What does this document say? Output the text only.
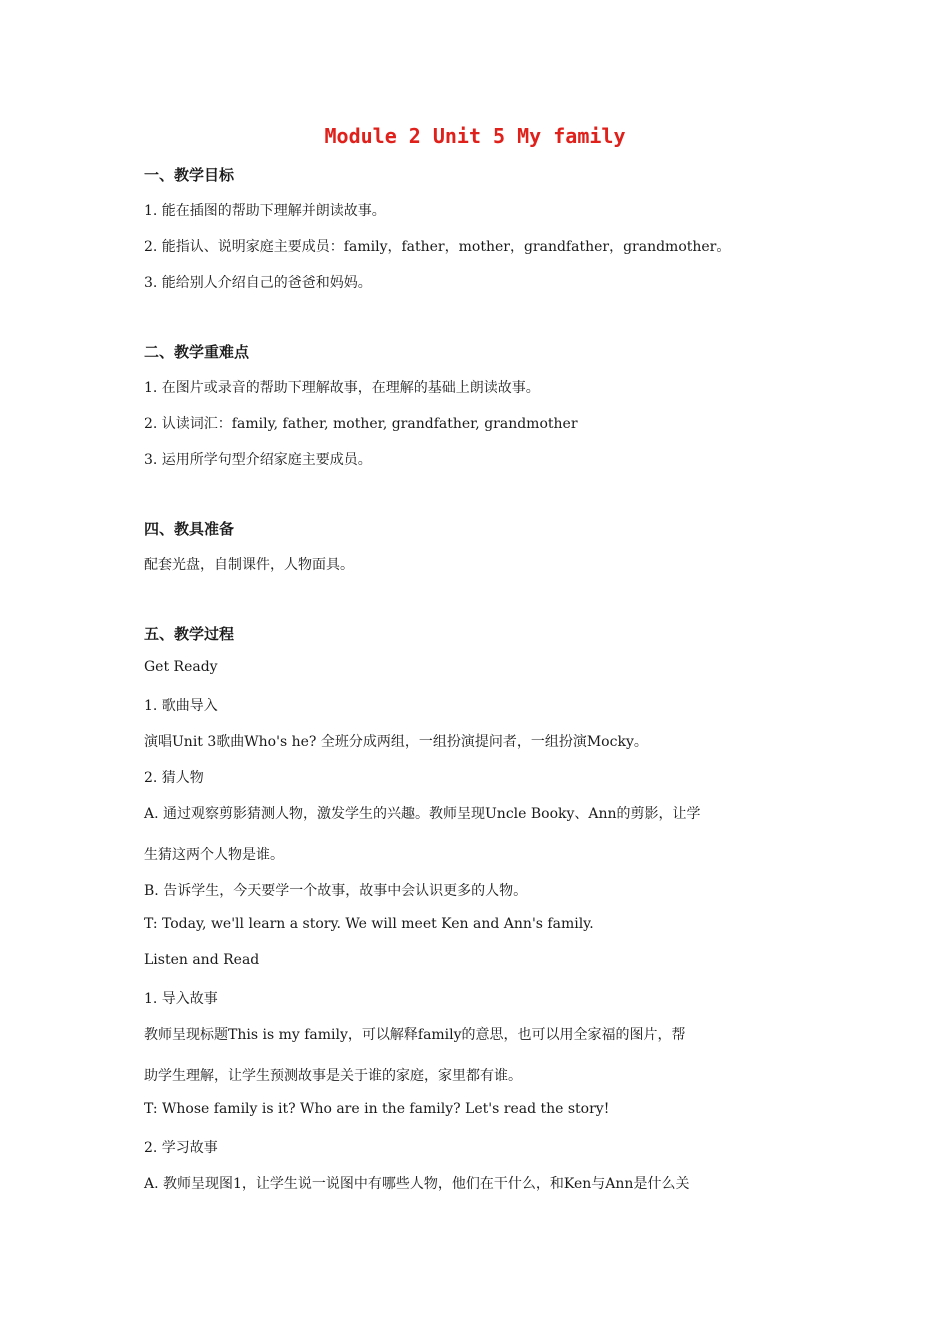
Module 2 Unit 5 My family
一、教学目标
1. 能在插图的帮助下理解并朗读故事。
2. 能指认、说明家庭主要成员：family，father，mother，grandfather，grandmother。
3. 能给别人介绍自己的爸爸和妈妈。
二、教学重难点
1. 在图片或录音的帮助下理解故事，在理解的基础上朗读故事。
2. 认读词汇：family, father, mother, grandfather, grandmother
3. 运用所学句型介绍家庭主要成员。
四、教具准备
配套光盘，自制课件，人物面具。
五、教学过程
Get Ready
1. 歌曲导入
演唱Unit 3歌曲Who's he? 全班分成两组，一组扮演提问者，一组扮演Mocky。
2. 猜人物
A. 通过观察剪影猜测人物，激发学生的兴趣。教师呈现Uncle Booky、Ann的剪影，让学
生猜这两个人物是谁。
B. 告诉学生，今天要学一个故事，故事中会认识更多的人物。
T: Today, we'll learn a story. We will meet Ken and Ann's family.
Listen and Read
1. 导入故事
教师呈现标题This is my family，可以解释family的意思，也可以用全家福的图片，帮
助学生理解，让学生预测故事是关于谁的家庭，家里都有谁。
T: Whose family is it? Who are in the family? Let's read the story!
2. 学习故事
A. 教师呈现图1，让学生说一说图中有哪些人物，他们在干什么，和Ken与Ann是什么关
